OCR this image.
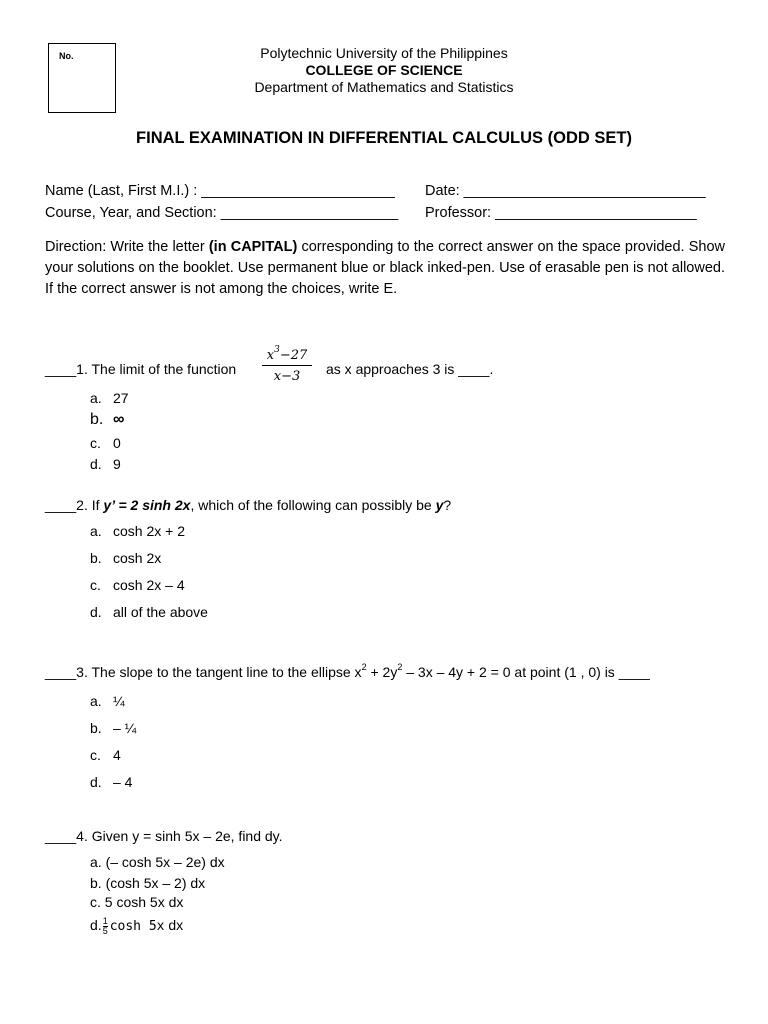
No.	Polytechnic University of the Philippines
COLLEGE OF SCIENCE
Department of Mathematics and Statistics
FINAL EXAMINATION IN DIFFERENTIAL CALCULUS (ODD SET)
Name (Last, First M.I.) : ________________________ Date: ______________________________
Course, Year, and Section: ______________________ Professor: _________________________
Direction: Write the letter (in CAPITAL) corresponding to the correct answer on the space provided. Show your solutions on the booklet. Use permanent blue or black inked-pen. Use of erasable pen is not allowed. If the correct answer is not among the choices, write E.
____1. The limit of the function $\frac{x^3-27}{x-3}$ as x approaches 3 is ____.
a. 27
b. ∞
c. 0
d. 9
____2. If y’ = 2 sinh 2x, which of the following can possibly be y?
a. cosh 2x + 2
b. cosh 2x
c. cosh 2x – 4
d. all of the above
____3. The slope to the tangent line to the ellipse $x^2 + 2y^2 - 3x - 4y + 2 = 0$ at point (1 , 0) is ____
a. ¼
b. – ¼
c. 4
d. – 4
____4. Given y = sinh 5x – 2e, find dy.
a. (– cosh 5x – 2e) dx
b. (cosh 5x – 2) dx
c. 5 cosh 5x dx
d. $\frac{1}{5}$ cosh 5x dx
